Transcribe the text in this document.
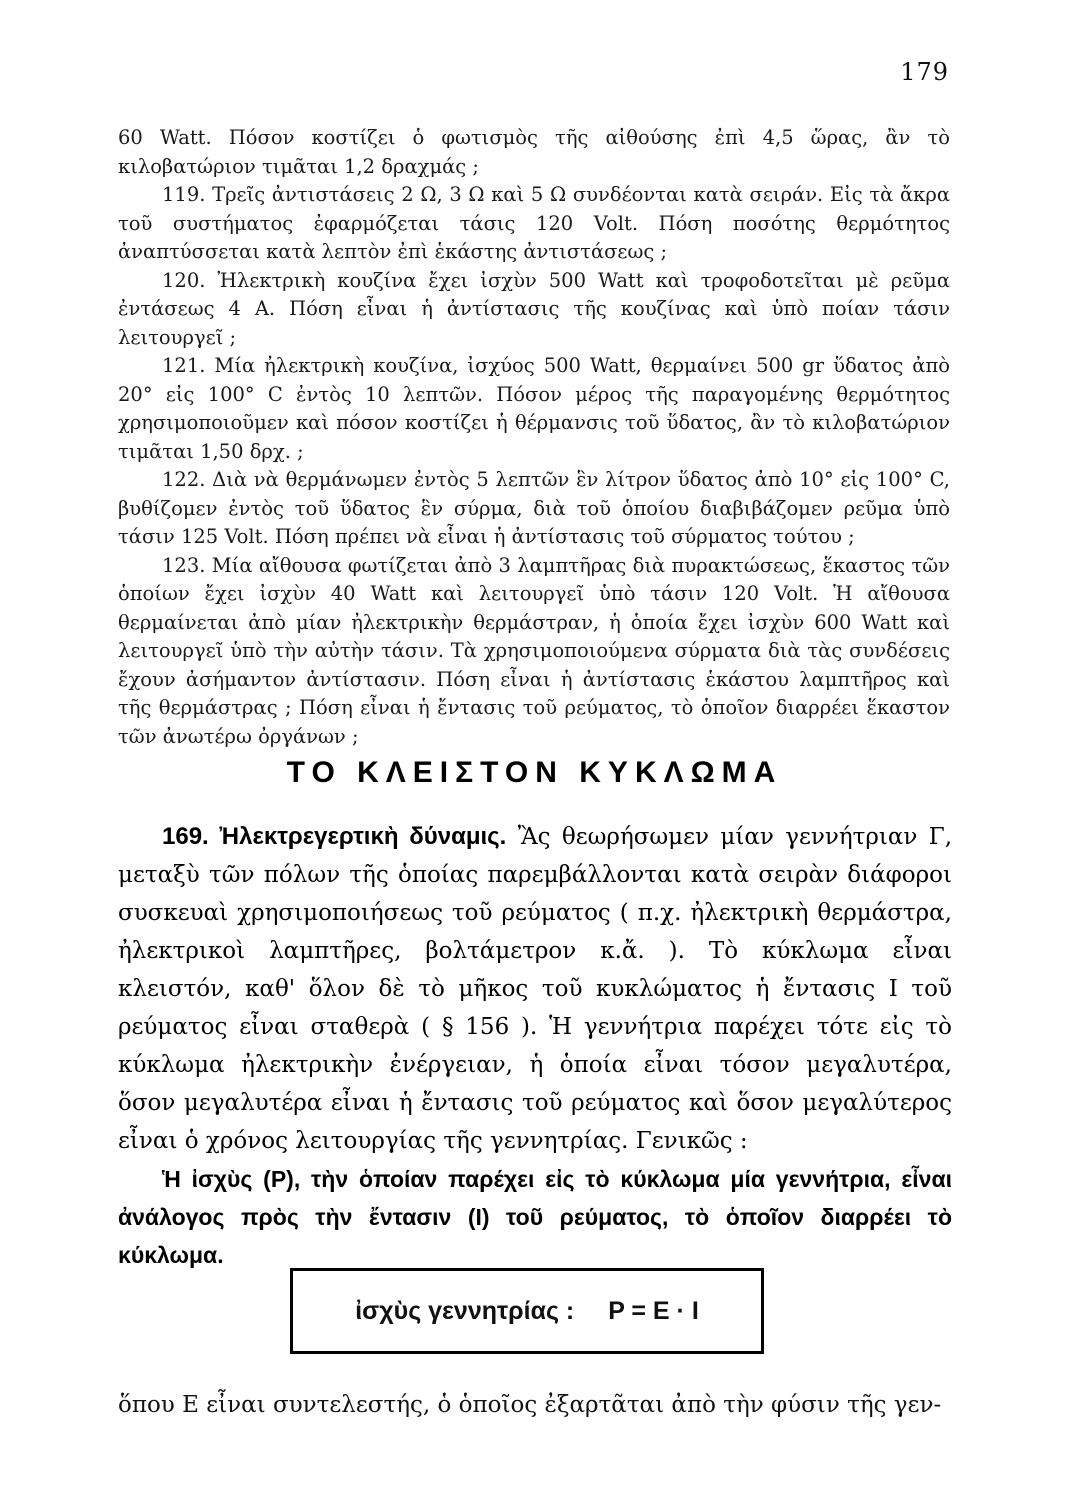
179

60 Watt. Πόσον κοστίζει ὁ φωτισμὸς τῆς αἰθούσης ἐπὶ 4,5 ὥρας, ἂν τὸ κιλοβατώριον τιμᾶται 1,2 δραχμάς ;

119. Τρεῖς ἀντιστάσεις 2 Ω, 3 Ω καὶ 5 Ω συνδέονται κατὰ σειράν. Εἰς τὰ ἄκρα τοῦ συστήματος ἐφαρμόζεται τάσις 120 Volt. Πόση ποσότης θερμότητος ἀναπτύσσεται κατὰ λεπτὸν ἐπὶ ἑκάστης ἀντιστάσεως ;

120. Ἠλεκτρικὴ κουζίνα ἔχει ἰσχὺν 500 Watt καὶ τροφοδοτεῖται μὲ ρεῦμα ἐντάσεως 4 Α. Πόση εἶναι ἡ ἀντίστασις τῆς κουζίνας καὶ ὑπὸ ποίαν τάσιν λειτουργεῖ ;

121. Μία ἠλεκτρικὴ κουζίνα, ἰσχύος 500 Watt, θερμαίνει 500 gr ὕδατος ἀπὸ 20° εἰς 100° C ἐντὸς 10 λεπτῶν. Πόσον μέρος τῆς παραγομένης θερμότητος χρησιμοποιοῦμεν καὶ πόσον κοστίζει ἡ θέρμανσις τοῦ ὕδατος, ἂν τὸ κιλοβατώριον τιμᾶται 1,50 δρχ. ;

122. Διὰ νὰ θερμάνωμεν ἐντὸς 5 λεπτῶν ἓν λίτρον ὕδατος ἀπὸ 10° εἰς 100° C, βυθίζομεν ἐντὸς τοῦ ὕδατος ἓν σύρμα, διὰ τοῦ ὁποίου διαβιβάζομεν ρεῦμα ὑπὸ τάσιν 125 Volt. Πόση πρέπει νὰ εἶναι ἡ ἀντίστασις τοῦ σύρματος τούτου ;

123. Μία αἴθουσα φωτίζεται ἀπὸ 3 λαμπτῆρας διὰ πυρακτώσεως, ἕκαστος τῶν ὁποίων ἔχει ἰσχὺν 40 Watt καὶ λειτουργεῖ ὑπὸ τάσιν 120 Volt. Ἡ αἴθουσα θερμαίνεται ἀπὸ μίαν ἠλεκτρικὴν θερμάστραν, ἡ ὁποία ἔχει ἰσχὺν 600 Watt καὶ λειτουργεῖ ὑπὸ τὴν αὐτὴν τάσιν. Τὰ χρησιμοποιούμενα σύρματα διὰ τὰς συνδέσεις ἔχουν ἀσήμαντον ἀντίστασιν. Πόση εἶναι ἡ ἀντίστασις ἑκάστου λαμπτῆρος καὶ τῆς θερμάστρας ; Πόση εἶναι ἡ ἔντασις τοῦ ρεύματος, τὸ ὁποῖον διαρρέει ἕκαστον τῶν ἀνωτέρω ὀργάνων ;

ΤΟ ΚΛΕΙΣΤΟΝ ΚΥΚΛΩΜΑ

169. Ἠλεκτρεγερτικὴ δύναμις. Ἂς θεωρήσωμεν μίαν γεννήτριαν Γ, μεταξὺ τῶν πόλων τῆς ὁποίας παρεμβάλλονται κατὰ σειρὰν διάφοροι συσκευαὶ χρησιμοποιήσεως τοῦ ρεύματος ( π.χ. ἠλεκτρικὴ θερμάστρα, ἠλεκτρικοὶ λαμπτῆρες, βολτάμετρον κ.ἄ. ). Τὸ κύκλωμα εἶναι κλειστόν, καθ' ὅλον δὲ τὸ μῆκος τοῦ κυκλώματος ἡ ἔντασις Ι τοῦ ρεύματος εἶναι σταθερὰ ( § 156 ). Ἡ γεννήτρια παρέχει τότε εἰς τὸ κύκλωμα ἠλεκτρικὴν ἐνέργειαν, ἡ ὁποία εἶναι τόσον μεγαλυτέρα, ὅσον μεγαλυτέρα εἶναι ἡ ἔντασις τοῦ ρεύματος καὶ ὅσον μεγαλύτερος εἶναι ὁ χρόνος λειτουργίας τῆς γεννητρίας. Γενικῶς :

Ἡ ἰσχὺς (Ρ), τὴν ὁποίαν παρέχει εἰς τὸ κύκλωμα μία γεννήτρια, εἶναι ἀνάλογος πρὸς τὴν ἔντασιν (Ι) τοῦ ρεύματος, τὸ ὁποῖον διαρρέει τὸ κύκλωμα.

ἰσχὺς γεννητρίας : P = E · I

ὅπου Ε εἶναι συντελεστής, ὁ ὁποῖος ἐξαρτᾶται ἀπὸ τὴν φύσιν τῆς γεν-
